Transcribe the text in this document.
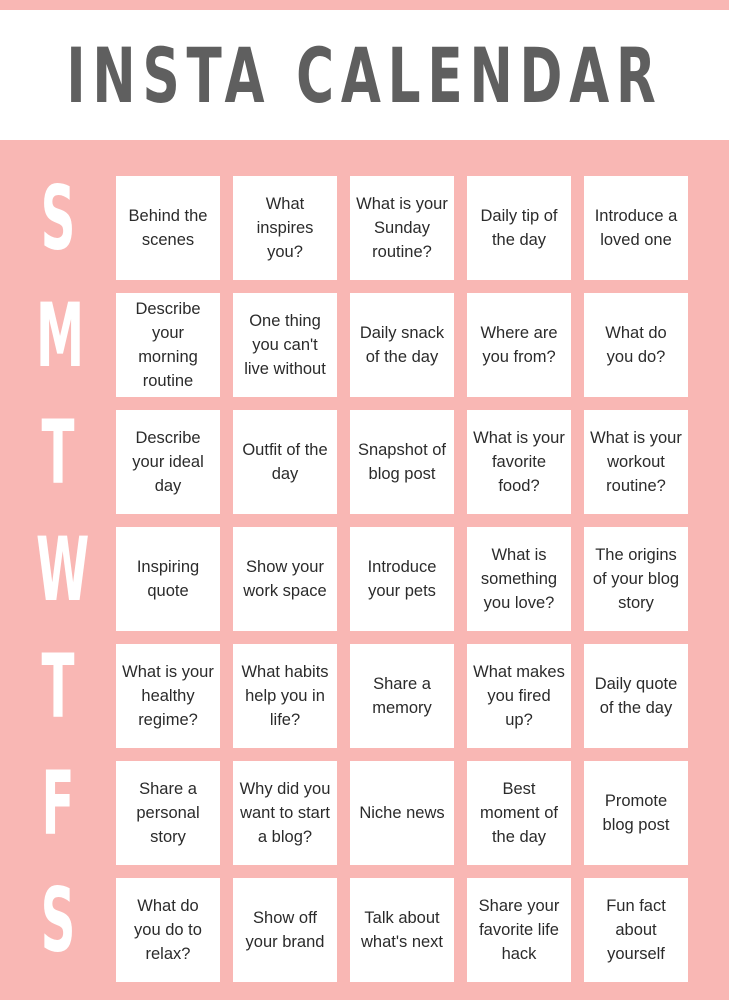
INSTA CALENDAR
S
M
T
W
T
F
S
Behind the scenes
What inspires you?
What is your Sunday routine?
Daily tip of the day
Introduce a loved one
Describe your morning routine
One thing you can't live without
Daily snack of the day
Where are you from?
What do you do?
Describe your ideal day
Outfit of the day
Snapshot of blog post
What is your favorite food?
What is your workout routine?
Inspiring quote
Show your work space
Introduce your pets
What is something you love?
The origins of your blog story
What is your healthy regime?
What habits help you in life?
Share a memory
What makes you fired up?
Daily quote of the day
Share a personal story
Why did you want to start a blog?
Niche news
Best moment of the day
Promote blog post
What do you do to relax?
Show off your brand
Talk about what's next
Share your favorite life hack
Fun fact about yourself
